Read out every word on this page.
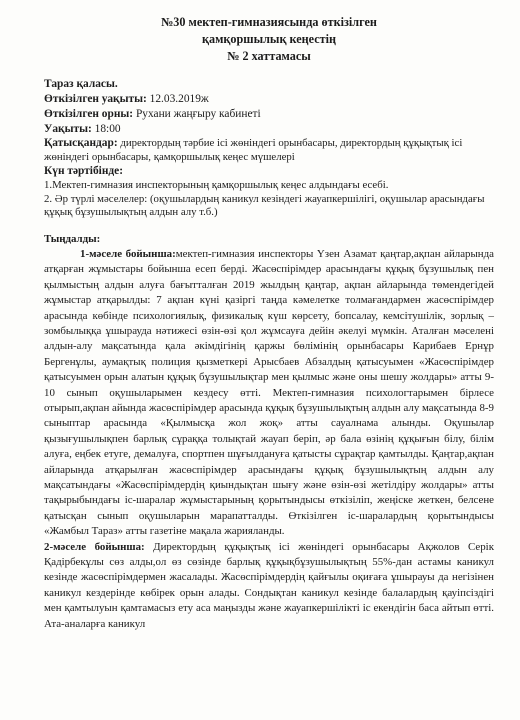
№30 мектеп-гимназиясында өткізілген
қамқоршылық кеңестің
№ 2 хаттамасы

Тараз қаласы.

Өткізілген уақыты: 12.03.2019ж

Өткізілген орны: Рухани жаңғыру кабинеті

Уақыты: 18:00

Қатысқандар: директордың тәрбие ісі жөніндегі орынбасары, директордың құқықтық ісі жөніндегі орынбасары, қамқоршылық кеңес мүшелері

Күн тәртібінде:

1.Мектеп-гимназия инспекторының қамқоршылық кеңес алдындағы есебі.

2. Әр түрлі мәселелер: (оқушылардың каникул кезіндегі жауапкершілігі, оқушылар арасындағы құқық бұзушылықтың алдын алу т.б.)

Тыңдалды:

1-мәселе бойынша:мектеп-гимназия инспекторы Үзен Азамат қаңтар,ақпан айларында атқарған жұмыстары бойынша есеп берді. Жасөспірімдер арасындағы құқық бұзушылық пен қылмыстың алдын алуға бағытталған 2019 жылдың қаңтар, ақпан айларында төмендегідей жұмыстар атқарылды: 7 ақпан күні қазіргі таңда кәмелетке толмағандармен жасөспірімдер арасында көбінде психологиялық, физикалық күш көрсету, бопсалау, кемсітушілік, зорлық –зомбылыққа ұшырауда нәтижесі өзін-өзі қол жұмсауға дейін әкелуі мүмкін. Аталған мәселені алдын-алу мақсатында қала әкімдігінің қаржы бөлімінің орынбасары Карибаев Ернұр Бергенұлы, аумақтық полиция қызметкері Арысбаев Абзалдың қатысуымен «Жасөспірімдер қатысуымен орын алатын құқық бұзушылықтар мен қылмыс және оны шешу жолдары» атты 9-10 сынып оқушыларымен кездесу өтті. Мектеп-гимназия психологтарымен бірлесе отырып,ақпан айында жасөспірімдер арасында құқық бұзушылықтың алдын алу мақсатында 8-9 сыныптар арасында «Қылмысқа жол жоқ» атты сауалнама алынды. Оқушылар қызығушылықпен барлық сұраққа толықтай жауап беріп, әр бала өзінің құқығын білу, білім алуға, еңбек етуге, демалуға, спортпен шұғылдануға қатысты сұрақтар қамтылды. Қаңтар,ақпан айларында атқарылған жасөспірімдер арасындағы құқық бұзушылықтың алдын алу мақсатындағы «Жасөспірімдердің қиындықтан шығу және өзін-өзі жетілдіру жолдары» атты тақырыбындағы іс-шаралар жұмыстарының қорытындысы өткізіліп, жеңіске жеткен, белсене қатысқан сынып оқушыларын марапатталды. Өткізілген іс-шаралардың қорытындысы «Жамбыл Тараз» атты газетіне мақала жарияланды.

2-мәселе бойынша: Директордың құқықтық ісі жөніндегі орынбасары Ақжолов Серік Қадірбекұлы сөз алды,ол өз сөзінде барлық құқықбұзушылықтың 55%-дан астамы каникул кезінде жасөспірімдермен жасалады. Жасөспірімдердің қайғылы оқиғаға ұшырауы да негізінен каникул кездерінде көбірек орын алады. Сондықтан каникул кезінде балалардың қауіпсіздігі мен қамтылуын қамтамасыз ету аса маңызды және жауапкершілікті іс екендігін баса айтып өтті. Ата-аналарға каникул
